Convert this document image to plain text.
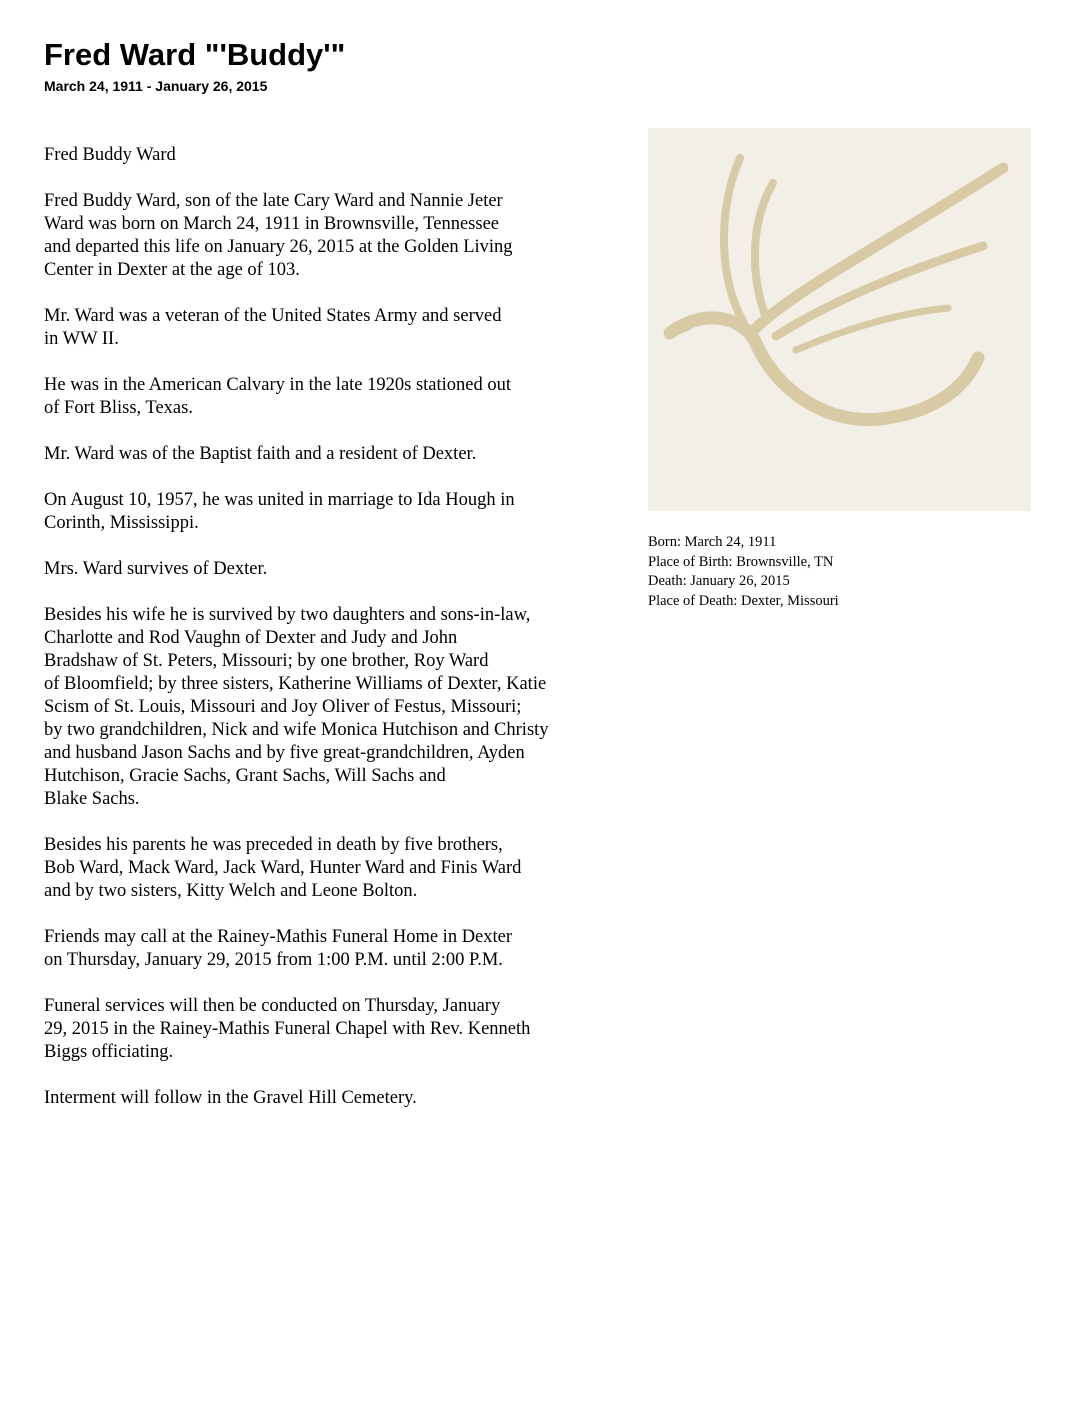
Fred Ward "'Buddy'"
March 24, 1911 - January 26, 2015

Fred Buddy Ward

Fred Buddy Ward, son of the late Cary Ward and Nannie Jeter
Ward was born on March 24, 1911 in Brownsville, Tennessee
and departed this life on January 26, 2015 at the Golden Living
Center in Dexter at the age of 103.

Mr. Ward was a veteran of the United States Army and served
in WW II.

He was in the American Calvary in the late 1920s stationed out
of Fort Bliss, Texas.

Mr. Ward was of the Baptist faith and a resident of Dexter.

On August 10, 1957, he was united in marriage to Ida Hough in
Corinth, Mississippi.

Mrs. Ward survives of Dexter.

Besides his wife he is survived by two daughters and sons-in-law,
Charlotte and Rod Vaughn of Dexter and Judy and John
Bradshaw of St. Peters, Missouri; by one brother, Roy Ward
of Bloomfield; by three sisters, Katherine Williams of Dexter, Katie
Scism of St. Louis, Missouri and Joy Oliver of Festus, Missouri;
by two grandchildren, Nick and wife Monica Hutchison and Christy
and husband Jason Sachs and by five great-grandchildren, Ayden
Hutchison, Gracie Sachs, Grant Sachs, Will Sachs and
Blake Sachs.

Besides his parents he was preceded in death by five brothers,
Bob Ward, Mack Ward, Jack Ward, Hunter Ward and Finis Ward
and by two sisters, Kitty Welch and Leone Bolton.

Friends may call at the Rainey-Mathis Funeral Home in Dexter
on Thursday, January 29, 2015 from 1:00 P.M. until 2:00 P.M.

Funeral services will then be conducted on Thursday, January
29, 2015 in the Rainey-Mathis Funeral Chapel with Rev. Kenneth
Biggs officiating.

Interment will follow in the Gravel Hill Cemetery.

Born: March 24, 1911
Place of Birth: Brownsville, TN
Death: January 26, 2015
Place of Death: Dexter, Missouri
